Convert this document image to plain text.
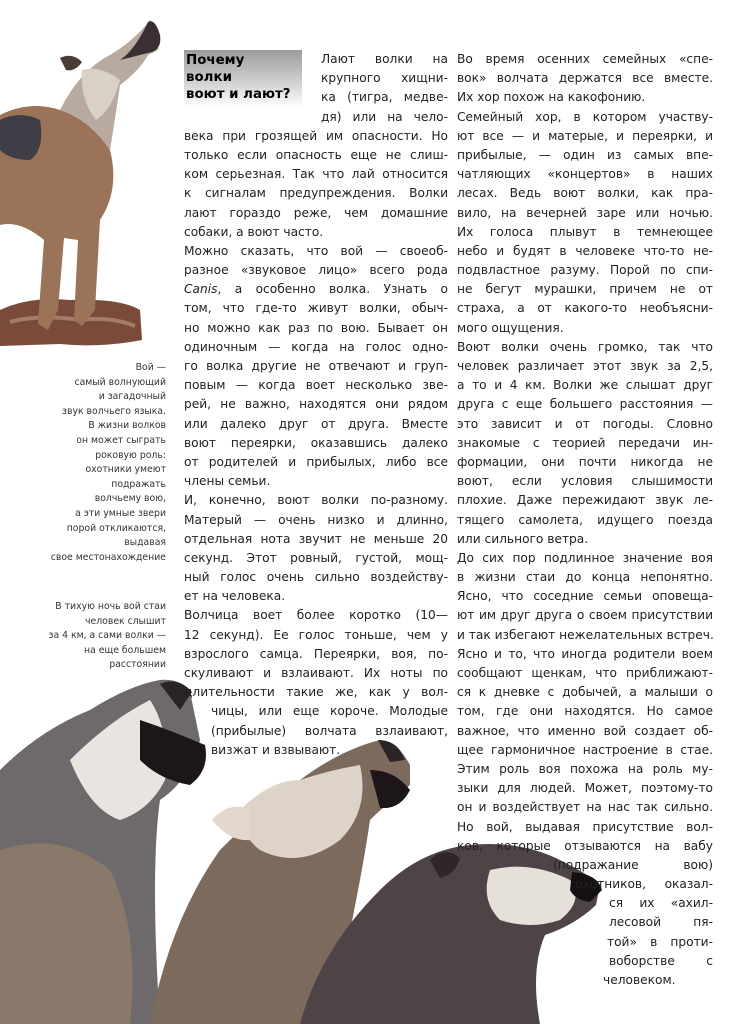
Почему
волки
воют и лают?
Лают волки на
крупного хищни-
ка (тигра, медве-
дя) или на чело-
века при грозящей им опасности. Но
только если опасность еще не слиш-
ком серьезная. Так что лай относится
к сигналам предупреждения. Волки
лают гораздо реже, чем домашние
собаки, а воют часто.
Можно сказать, что вой — своеоб-
разное «звуковое лицо» всего рода
Canis, а особенно волка. Узнать о
том, что где-то живут волки, обыч-
но можно как раз по вою. Бывает он
одиночным — когда на голос одно-
го волка другие не отвечают и груп-
повым — когда воет несколько зве-
рей, не важно, находятся они рядом
или далеко друг от друга. Вместе
воют переярки, оказавшись далеко
от родителей и прибылых, либо все
члены семьи.
И, конечно, воют волки по-разному.
Матерый — очень низко и длинно,
отдельная нота звучит не меньше 20
секунд. Этот ровный, густой, мощ-
ный голос очень сильно воздейству-
ет на человека.
Волчица воет более коротко (10—
12 секунд). Ее голос тоньше, чем у
взрослого самца. Переярки, воя, по-
скуливают и взлаивают. Их ноты по
длительности такие же, как у вол-
чицы, или еще короче. Молодые
(прибылые) волчата взлаивают,
визжат и взвывают.
Во время осенних семейных «спе-
вок» волчата держатся все вместе.
Их хор похож на какофонию.
Семейный хор, в котором участву-
ют все — и матерые, и переярки, и
прибылые, — один из самых впе-
чатляющих «концертов» в наших
лесах. Ведь воют волки, как пра-
вило, на вечерней заре или ночью.
Их голоса плывут в темнеющее
небо и будят в человеке что-то не-
подвластное разуму. Порой по спи-
не бегут мурашки, причем не от
страха, а от какого-то необъясни-
мого ощущения.
Воют волки очень громко, так что
человек различает этот звук за 2,5,
а то и 4 км. Волки же слышат друг
друга с еще большего расстояния —
это зависит и от погоды. Словно
знакомые с теорией передачи ин-
формации, они почти никогда не
воют, если условия слышимости
плохие. Даже пережидают звук ле-
тящего самолета, идущего поезда
или сильного ветра.
До сих пор подлинное значение воя
в жизни стаи до конца непонятно.
Ясно, что соседние семьи оповеща-
ют им друг друга о своем присутствии
и так избегают нежелательных встреч.
Ясно и то, что иногда родители воем
сообщают щенкам, что приближают-
ся к дневке с добычей, а малыши о
том, где они находятся. Но самое
важное, что именно вой создает об-
щее гармоничное настроение в стае.
Этим роль воя похожа на роль му-
зыки для людей. Может, поэтому-то
он и воздействует на нас так сильно.
Но вой, выдавая присутствие вол-
ков, которые отзываются на вабу
(подражание вою)
охотников, оказал-
ся их «ахил-
лесовой пя-
той» в проти-
воборстве с
человеком.
Вой —
самый волнующий
и загадочный
звук волчьего языка.
В жизни волков
он может сыграть
роковую роль:
охотники умеют
подражать
волчьему вою,
а эти умные звери
порой откликаются,
выдавая
свое местонахождение
В тихую ночь вой стаи
человек слышит
за 4 км, а сами волки —
на еще большем
расстоянии
